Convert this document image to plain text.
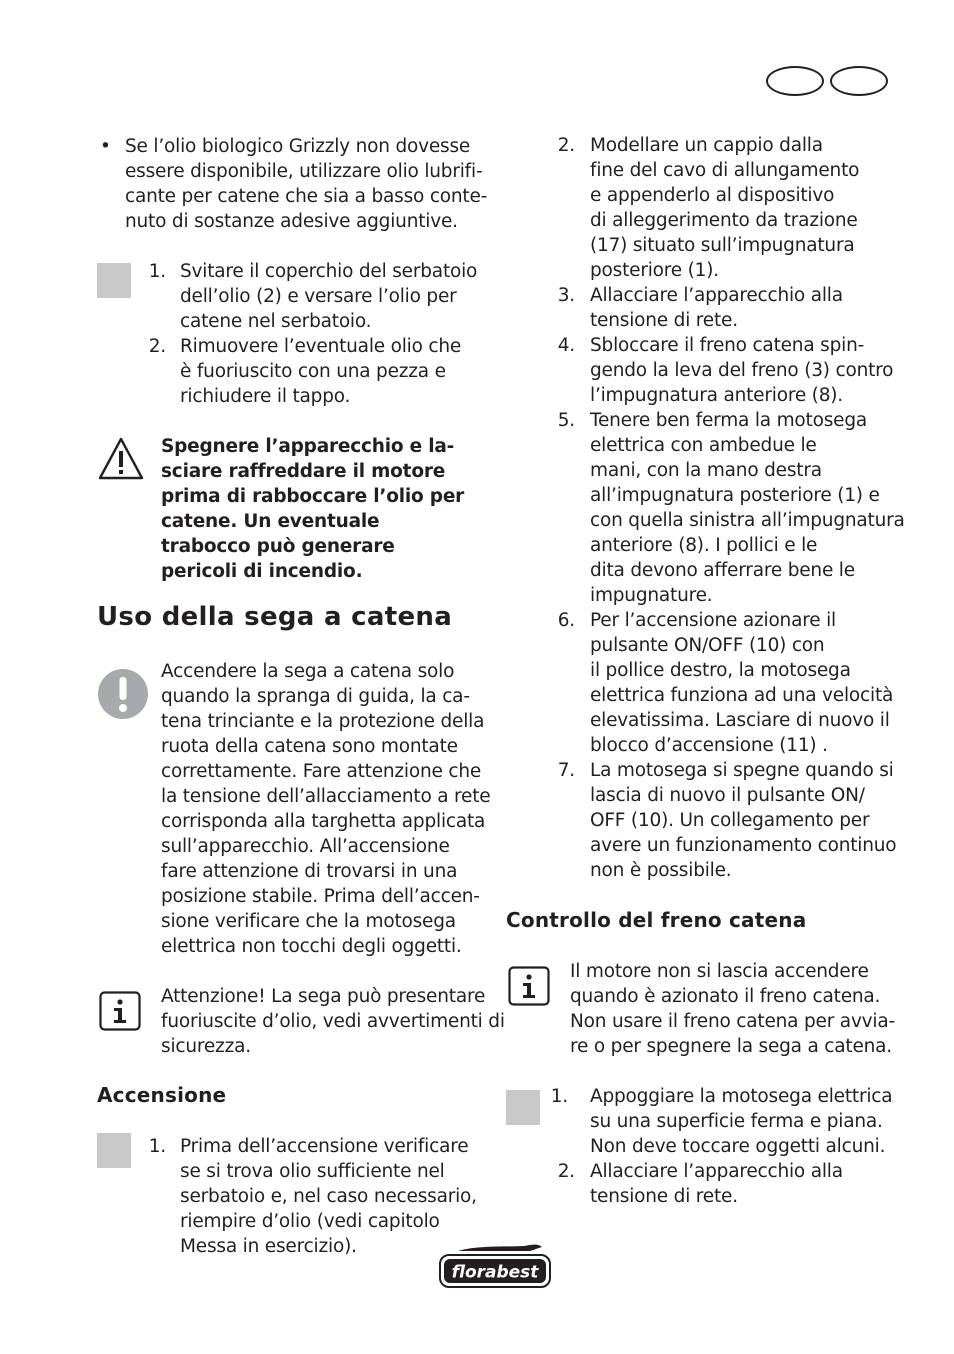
• Se l’olio biologico Grizzly non dovesse
essere disponibile, utilizzare olio lubrifi-
cante per catene che sia a basso conte-
nuto di sostanze adesive aggiuntive.
1. Svitare il coperchio del serbatoio
dell’olio (2) e versare l’olio per
catene nel serbatoio.
2. Rimuovere l’eventuale olio che
è fuoriuscito con una pezza e
richiudere il tappo.
Spegnere l’apparecchio e la-
sciare raffreddare il motore
prima di rabboccare l’olio per
catene. Un eventuale
trabocco può generare
pericoli di incendio.
Uso della sega a catena
Accendere la sega a catena solo
quando la spranga di guida, la ca-
tena trinciante e la protezione della
ruota della catena sono montate
correttamente. Fare attenzione che
la tensione dell’allacciamento a rete
corrisponda alla targhetta applicata
sull’apparecchio. All’accensione
fare attenzione di trovarsi in una
posizione stabile. Prima dell’accen-
sione verificare che la motosega
elettrica non tocchi degli oggetti.
Attenzione! La sega può presentare
fuoriuscite d’olio, vedi avvertimenti di
sicurezza.
Accensione
1. Prima dell’accensione verificare
se si trova olio sufficiente nel
serbatoio e, nel caso necessario,
riempire d’olio (vedi capitolo
Messa in esercizio).
2. Modellare un cappio dalla
fine del cavo di allungamento
e appenderlo al dispositivo
di alleggerimento da trazione
(17) situato sull’impugnatura
posteriore (1).
3. Allacciare l’apparecchio alla
tensione di rete.
4. Sbloccare il freno catena spin-
gendo la leva del freno (3) contro
l’impugnatura anteriore (8).
5. Tenere ben ferma la motosega
elettrica con ambedue le
mani, con la mano destra
all’impugnatura posteriore (1) e
con quella sinistra all’impugnatura
anteriore (8). I pollici e le
dita devono afferrare bene le
impugnature.
6. Per l’accensione azionare il
pulsante ON/OFF (10) con
il pollice destro, la motosega
elettrica funziona ad una velocità
elevatissima. Lasciare di nuovo il
blocco d’accensione (11) .
7. La motosega si spegne quando si
lascia di nuovo il pulsante ON/
OFF (10). Un collegamento per
avere un funzionamento continuo
non è possibile.
Controllo del freno catena
Il motore non si lascia accendere
quando è azionato il freno catena.
Non usare il freno catena per avvia-
re o per spegnere la sega a catena.
1. Appoggiare la motosega elettrica
su una superficie ferma e piana.
Non deve toccare oggetti alcuni.
2. Allacciare l’apparecchio alla
tensione di rete.
florabest
